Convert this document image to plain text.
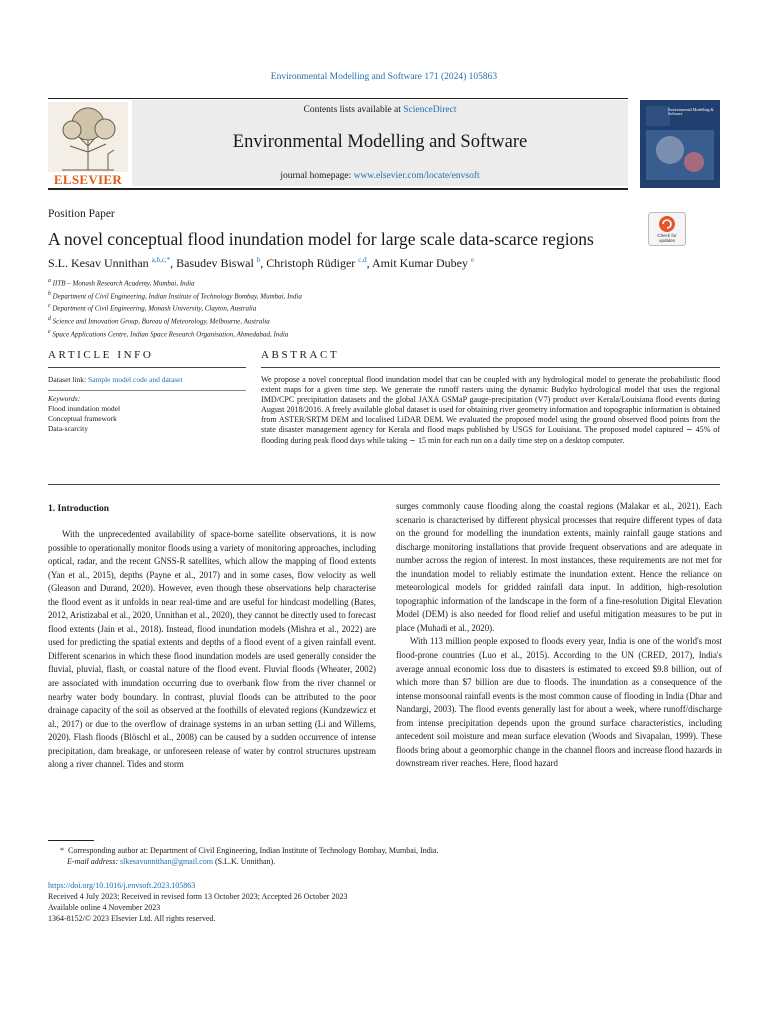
Environmental Modelling and Software 171 (2024) 105863
ELSEVIER
Contents lists available at ScienceDirect
Environmental Modelling and Software
journal homepage: www.elsevier.com/locate/envsoft
Environmental Modelling & Software
Position Paper
A novel conceptual flood inundation model for large scale data-scarce regions	Check for updates
S.L. Kesav Unnithan $^{a,b,c,*}$, Basudev Biswal $^b$, Christoph Rüdiger $^{c,d}$, Amit Kumar Dubey $^e$
$^a$ IITB – Monash Research Academy, Mumbai, India
$^b$ Department of Civil Engineering, Indian Institute of Technology Bombay, Mumbai, India
$^c$ Department of Civil Engineering, Monash University, Clayton, Australia
$^d$ Science and Innovation Group, Bureau of Meteorology, Melbourne, Australia
$^e$ Space Applications Centre, Indian Space Research Organisation, Ahmedabad, India
ARTICLE INFO
Dataset link: Sample model code and dataset
Keywords:
Flood inundation model
Conceptual framework
Data-scarcity
ABSTRACT
We propose a novel conceptual flood inundation model that can be coupled with any hydrological model to generate the probabilistic flood extent maps for a given time step. We generate the runoff rasters using the dynamic Budyko hydrological model that uses the regional IMD/CPC precipitation datasets and the global JAXA GSMaP gauge-precipitation (V7) product over Kerala/Louisiana flood events during August 2018/2016. A freely available global dataset is used for obtaining river geometry information and topographic information is obtained from ASTER/SRTM DEM and localised LiDAR DEM. We evaluated the proposed model using the ground observed flood points from the state disaster management agency for Kerala and flood maps published by USGS for Louisiana. The proposed model captured ∼ 45% of flooding during peak flood days while taking ∼ 15 min for each run on a daily time step on a desktop computer.
1. Introduction

With the unprecedented availability of space-borne satellite observations, it is now possible to operationally monitor floods using a variety of monitoring approaches, including optical, radar, and the recent GNSS-R satellites, which allow the mapping of flood extents (Yan et al., 2015), depths (Payne et al., 2017) and in some cases, flow velocity as well (Gleason and Durand, 2020). However, even though these observations help characterise the flood event as it unfolds in near real-time and are useful for hindcast modelling (Bates, 2012, Aristizabal et al., 2020, Unnithan et al., 2020), they cannot be directly used to forecast flood extents (Jain et al., 2018). Instead, flood inundation models (Mishra et al., 2022) are used for predicting the spatial extents and depths of a flood event of a given rainfall event. Different scenarios in which these flood inundation models are used generally consider the fluvial, pluvial, flash, or coastal nature of the flood event. Fluvial floods (Wheater, 2002) are associated with inundation occurring due to overbank flow from the river channel or nearby water body boundary. In contrast, pluvial floods can be attributed to the poor drainage capacity of the soil as observed at the foothills of elevated regions (Kundzewicz et al., 2017) or due to the overflow of drainage systems in an urban setting (Li and Willems, 2020). Flash floods (Blöschl et al., 2008) can be caused by a sudden occurrence of intense precipitation, dam breakage, or unforeseen release of water by control structures upstream along a river channel. Tides and storm

surges commonly cause flooding along the coastal regions (Malakar et al., 2021). Each scenario is characterised by different physical processes that require different types of data on the ground for modelling the inundation extents, mainly rainfall gauge stations and discharge monitoring installations that provide frequent observations and are adequate in number across the region of interest. In most instances, these requirements are not met for the inundation model to reliably estimate the inundation extent. Hence the reliance on meteorological models for gridded rainfall data input. In addition, high-resolution topographic information of the landscape in the form of a fine-resolution Digital Elevation Model (DEM) is also needed for flood relief and useful mitigation measures to be put in place (Muhadi et al., 2020).

With 113 million people exposed to floods every year, India is one of the world's most flood-prone countries (Luo et al., 2015). According to the UN (CRED, 2017), India's average annual economic loss due to disasters is estimated to exceed $9.8 billion, out of which more than $7 billion are due to floods. The inundation as a consequence of the intense monsoonal rainfall events is the most common cause of flooding in India (Dhar and Nandargi, 2003). The flood events generally last for about a week, where runoff/discharge from intense precipitation depends upon the ground surface characteristics, including antecedent soil moisture and mean surface elevation (Woods and Sivapalan, 1999). These floods bring about a geomorphic change in the channel floors and increase flood hazards in downstream river reaches. Here, flood hazard

* Corresponding author at: Department of Civil Engineering, Indian Institute of Technology Bombay, Mumbai, India.
E-mail address: slkesavunnithan@gmail.com (S.L.K. Unnithan).
https://doi.org/10.1016/j.envsoft.2023.105863
Received 4 July 2023; Received in revised form 13 October 2023; Accepted 26 October 2023
Available online 4 November 2023
1364-8152/© 2023 Elsevier Ltd. All rights reserved.
